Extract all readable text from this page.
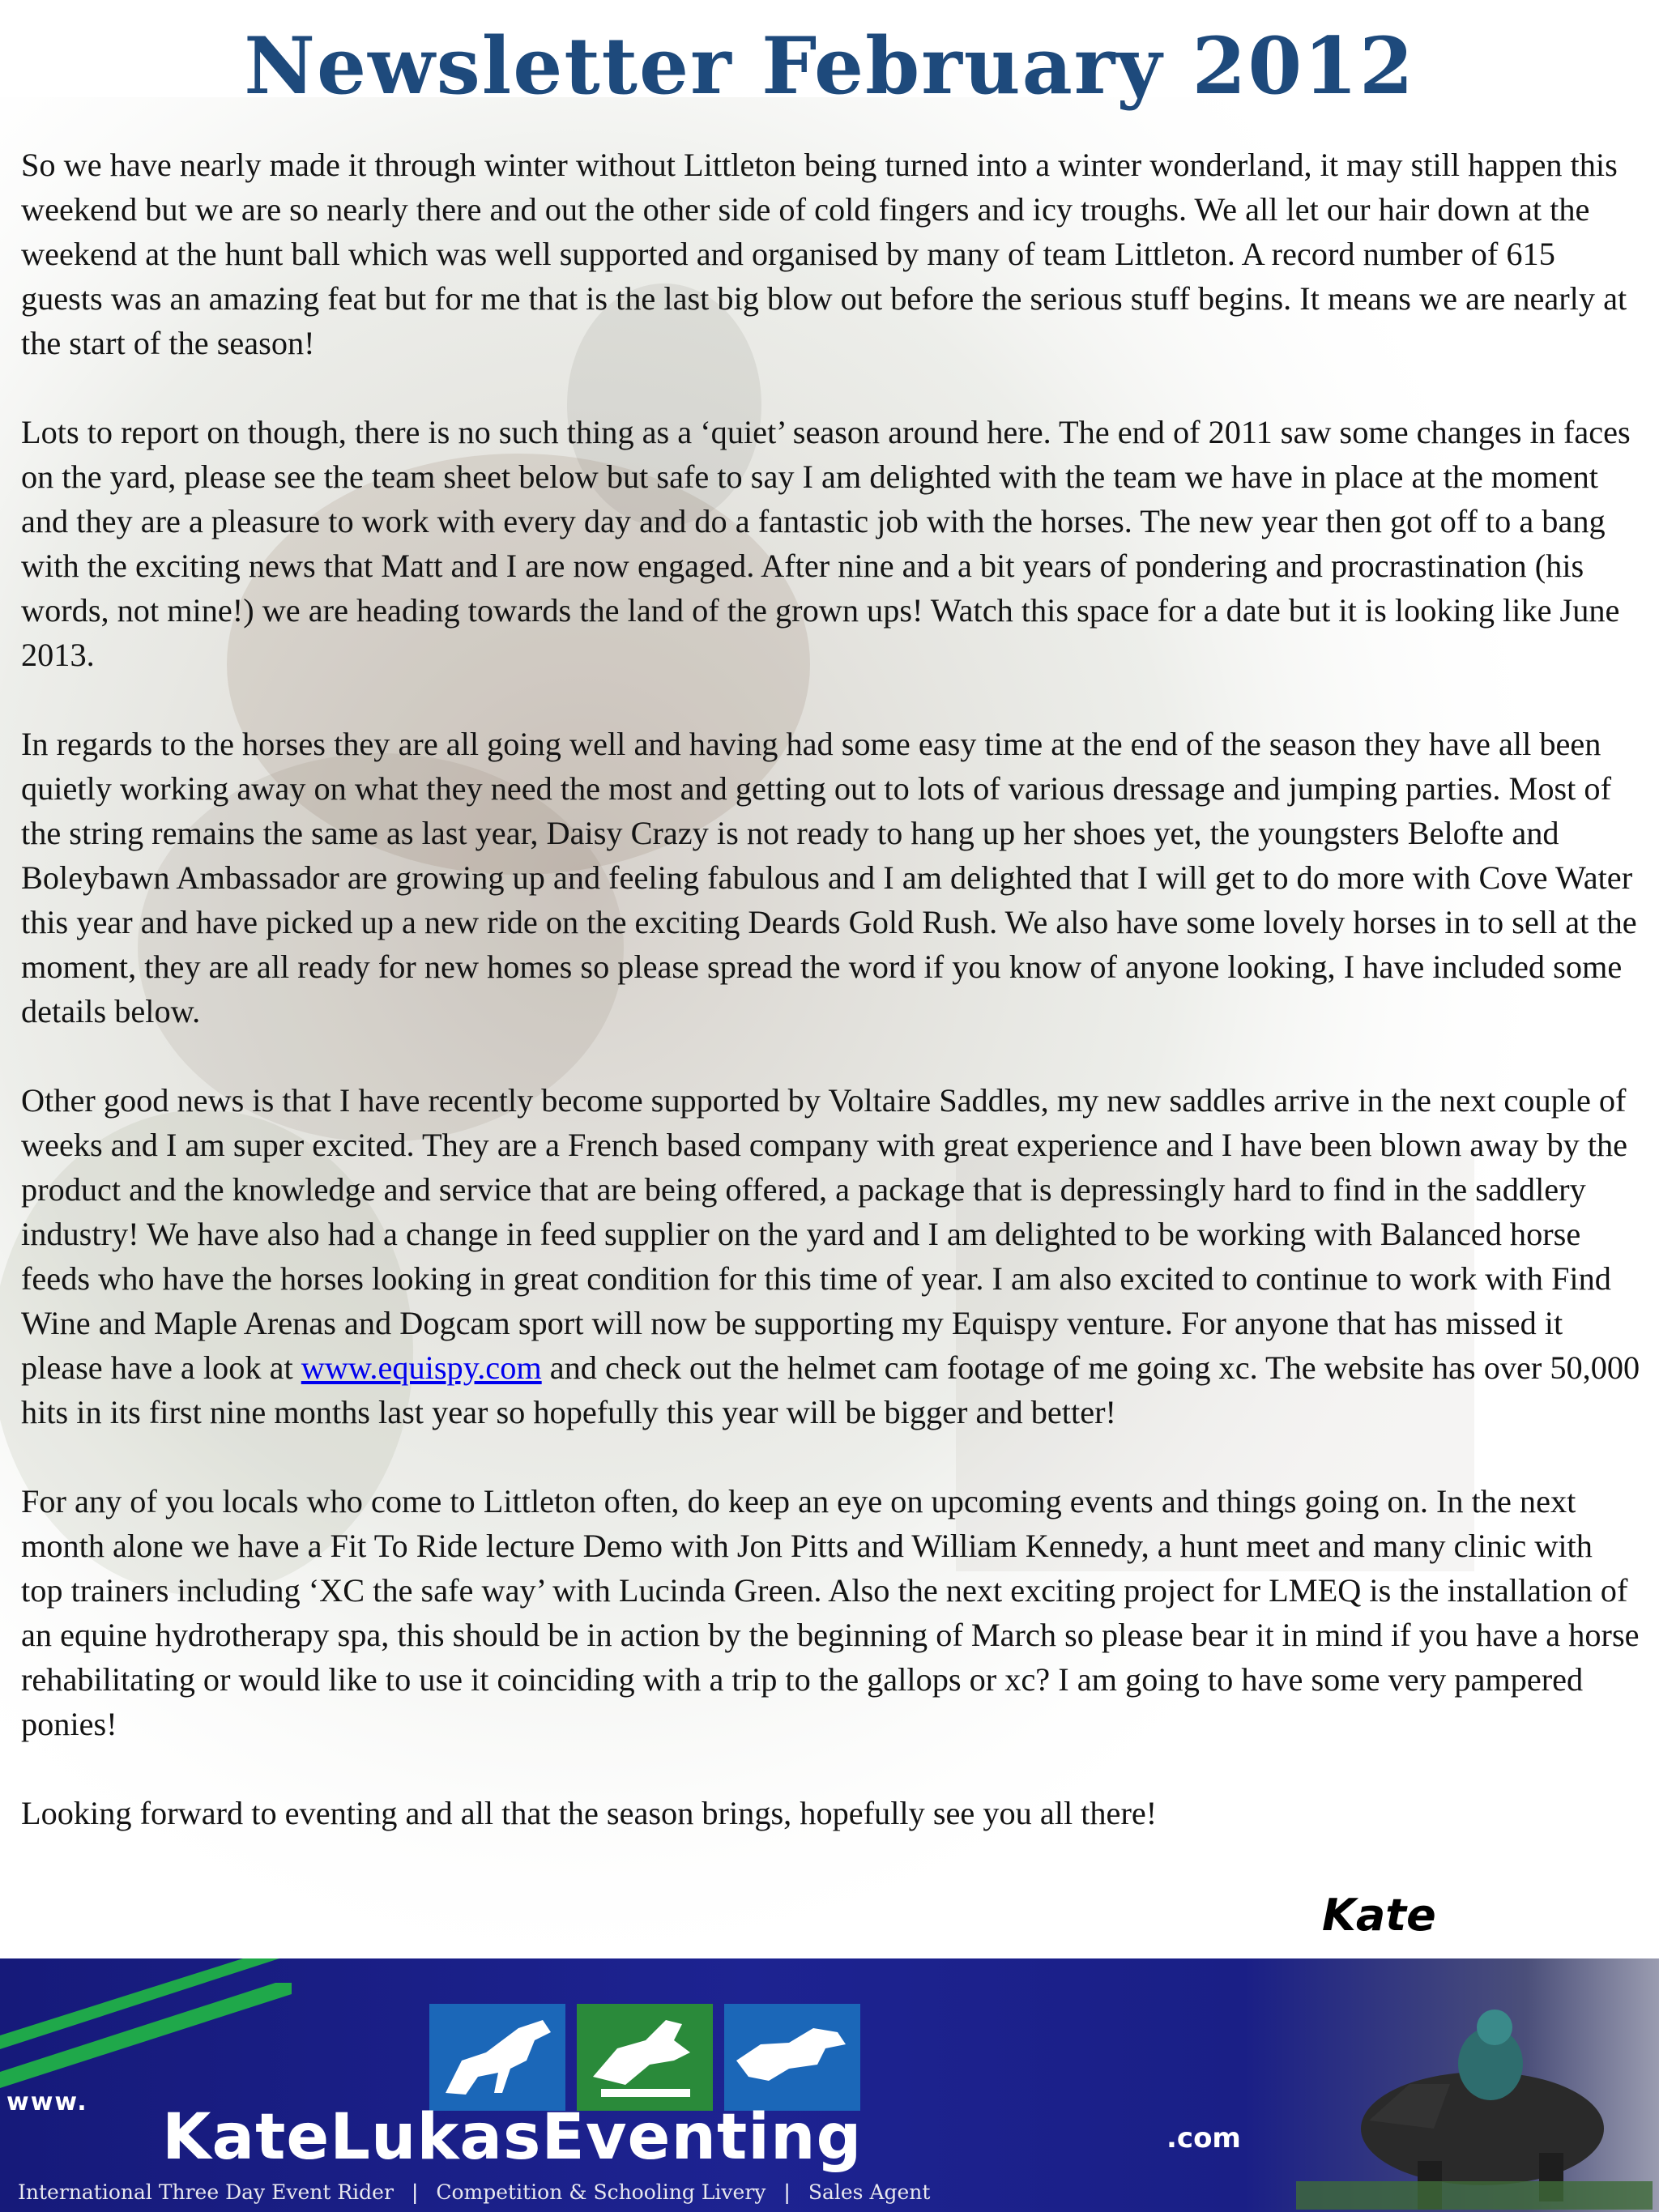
Newsletter February 2012

So we have nearly made it through winter without Littleton being turned into a winter wonderland, it may still happen this weekend but we are so nearly there and out the other side of cold fingers and icy troughs. We all let our hair down at the weekend at the hunt ball which was well supported and organised by many of team Littleton. A record number of 615 guests was an amazing feat but for me that is the last big blow out before the serious stuff begins. It means we are nearly at the start of the season!

Lots to report on though, there is no such thing as a ‘quiet’ season around here. The end of 2011 saw some changes in faces on the yard, please see the team sheet below but safe to say I am delighted with the team we have in place at the moment and they are a pleasure to work with every day and do a fantastic job with the horses. The new year then got off to a bang with the exciting news that Matt and I are now engaged. After nine and a bit years of pondering and procrastination (his words, not mine!) we are heading towards the land of the grown ups! Watch this space for a date but it is looking like June 2013.

In regards to the horses they are all going well and having had some easy time at the end of the season they have all been quietly working away on what they need the most and getting out to lots of various dressage and jumping parties. Most of the string remains the same as last year, Daisy Crazy is not ready to hang up her shoes yet, the youngsters Belofte and Boleybawn Ambassador are growing up and feeling fabulous and I am delighted that I will get to do more with Cove Water this year and have picked up a new ride on the exciting Deards Gold Rush. We also have some lovely horses in to sell at the moment, they are all ready for new homes so please spread the word if you know of anyone looking, I have included some details below.

Other good news is that I have recently become supported by Voltaire Saddles, my new saddles arrive in the next couple of weeks and I am super excited. They are a French based company with great experience and I have been blown away by the product and the knowledge and service that are being offered, a package that is depressingly hard to find in the saddlery industry! We have also had a change in feed supplier on the yard and I am delighted to be working with Balanced horse feeds who have the horses looking in great condition for this time of year. I am also excited to continue to work with Find Wine and Maple Arenas and Dogcam sport will now be supporting my Equispy venture. For anyone that has missed it please have a look at www.equispy.com and check out the helmet cam footage of me going xc. The website has over 50,000 hits in its first nine months last year so hopefully this year will be bigger and better!

For any of you locals who come to Littleton often, do keep an eye on upcoming events and things going on. In the next month alone we have a Fit To Ride lecture Demo with Jon Pitts and William Kennedy, a hunt meet and many clinic with top trainers including ‘XC the safe way’ with Lucinda Green. Also the next exciting project for LMEQ is the installation of an equine hydrotherapy spa, this should be in action by the beginning of March so please bear it in mind if you have a horse rehabilitating or would like to use it coinciding with a trip to the gallops or xc? I am going to have some very pampered ponies!

Looking forward to eventing and all that the season brings, hopefully see you all there!

Kate
www. KateLukasEventing	.com
International Three Day Event Rider | Competition & Schooling Livery | Sales Agent
